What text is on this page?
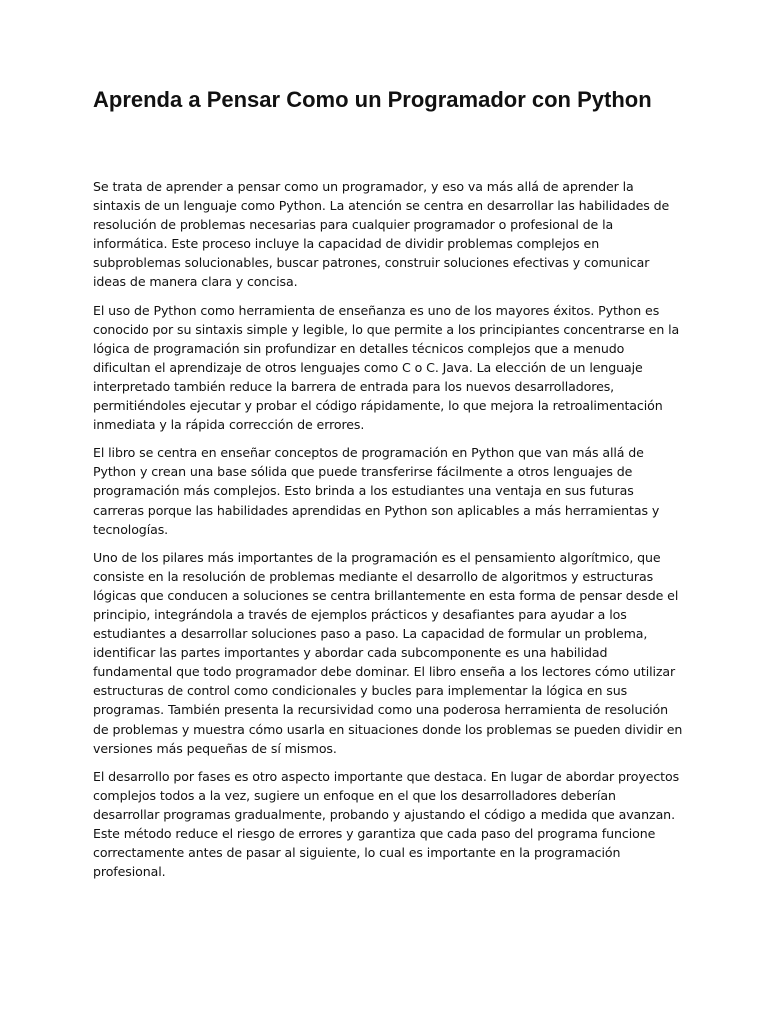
Aprenda a Pensar Como un Programador con Python

Se trata de aprender a pensar como un programador, y eso va más allá de aprender la sintaxis de un lenguaje como Python. La atención se centra en desarrollar las habilidades de resolución de problemas necesarias para cualquier programador o profesional de la informática. Este proceso incluye la capacidad de dividir problemas complejos en subproblemas solucionables, buscar patrones, construir soluciones efectivas y comunicar ideas de manera clara y concisa.

El uso de Python como herramienta de enseñanza es uno de los mayores éxitos. Python es conocido por su sintaxis simple y legible, lo que permite a los principiantes concentrarse en la lógica de programación sin profundizar en detalles técnicos complejos que a menudo dificultan el aprendizaje de otros lenguajes como C o C. Java. La elección de un lenguaje interpretado también reduce la barrera de entrada para los nuevos desarrolladores, permitiéndoles ejecutar y probar el código rápidamente, lo que mejora la retroalimentación inmediata y la rápida corrección de errores.

El libro se centra en enseñar conceptos de programación en Python que van más allá de Python y crean una base sólida que puede transferirse fácilmente a otros lenguajes de programación más complejos. Esto brinda a los estudiantes una ventaja en sus futuras carreras porque las habilidades aprendidas en Python son aplicables a más herramientas y tecnologías.

Uno de los pilares más importantes de la programación es el pensamiento algorítmico, que consiste en la resolución de problemas mediante el desarrollo de algoritmos y estructuras lógicas que conducen a soluciones se centra brillantemente en esta forma de pensar desde el principio, integrándola a través de ejemplos prácticos y desafiantes para ayudar a los estudiantes a desarrollar soluciones paso a paso. La capacidad de formular un problema, identificar las partes importantes y abordar cada subcomponente es una habilidad fundamental que todo programador debe dominar. El libro enseña a los lectores cómo utilizar estructuras de control como condicionales y bucles para implementar la lógica en sus programas. También presenta la recursividad como una poderosa herramienta de resolución de problemas y muestra cómo usarla en situaciones donde los problemas se pueden dividir en versiones más pequeñas de sí mismos.

El desarrollo por fases es otro aspecto importante que destaca. En lugar de abordar proyectos complejos todos a la vez, sugiere un enfoque en el que los desarrolladores deberían desarrollar programas gradualmente, probando y ajustando el código a medida que avanzan. Este método reduce el riesgo de errores y garantiza que cada paso del programa funcione correctamente antes de pasar al siguiente, lo cual es importante en la programación profesional.
